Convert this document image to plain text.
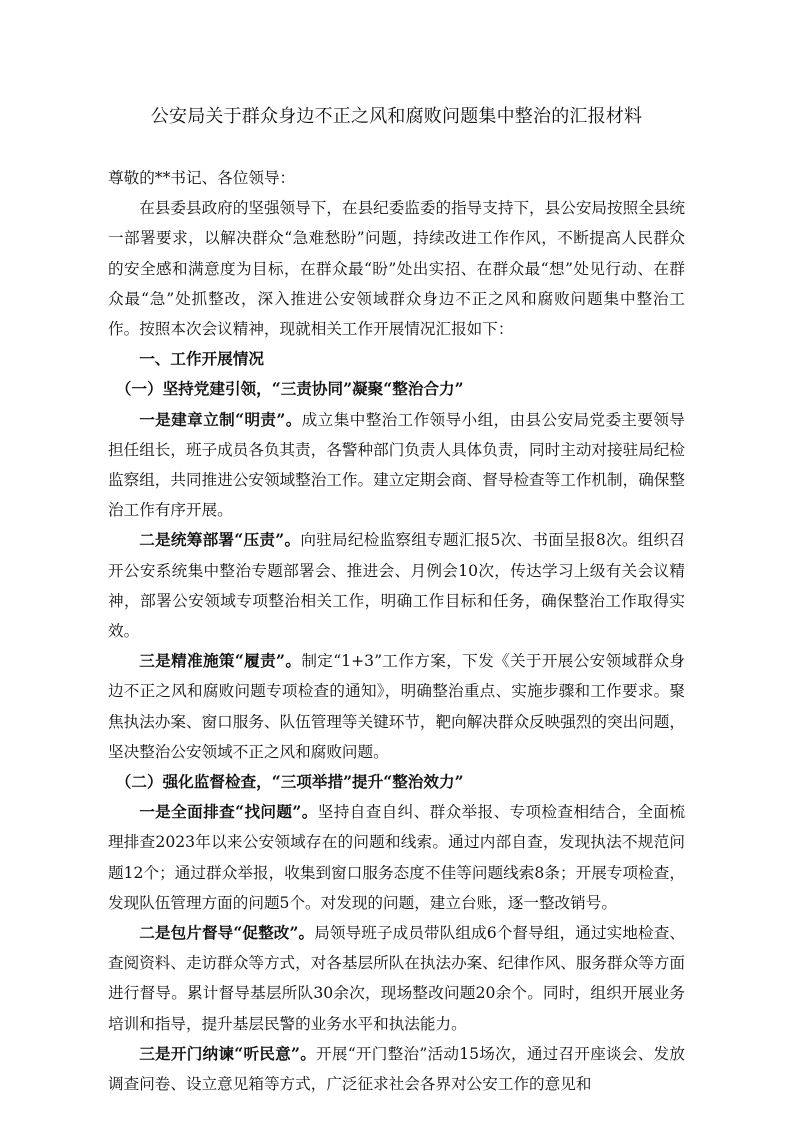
公安局关于群众身边不正之风和腐败问题集中整治的汇报材料

尊敬的**书记、各位领导：

在县委县政府的坚强领导下，在县纪委监委的指导支持下，县公安局按照全县统一部署要求，以解决群众“急难愁盼”问题，持续改进工作作风，不断提高人民群众的安全感和满意度为目标，在群众最“盼”处出实招、在群众最“想”处见行动、在群众最“急”处抓整改，深入推进公安领域群众身边不正之风和腐败问题集中整治工作。按照本次会议精神，现就相关工作开展情况汇报如下：

一、工作开展情况

（一）坚持党建引领，“三责协同”凝聚“整治合力”

一是建章立制“明责”。成立集中整治工作领导小组，由县公安局党委主要领导担任组长，班子成员各负其责，各警种部门负责人具体负责，同时主动对接驻局纪检监察组，共同推进公安领域整治工作。建立定期会商、督导检查等工作机制，确保整治工作有序开展。

二是统筹部署“压责”。向驻局纪检监察组专题汇报5次、书面呈报8次。组织召开公安系统集中整治专题部署会、推进会、月例会10次，传达学习上级有关会议精神，部署公安领域专项整治相关工作，明确工作目标和任务，确保整治工作取得实效。

三是精准施策“履责”。制定“1+3”工作方案，下发《关于开展公安领域群众身边不正之风和腐败问题专项检查的通知》，明确整治重点、实施步骤和工作要求。聚焦执法办案、窗口服务、队伍管理等关键环节，靶向解决群众反映强烈的突出问题，坚决整治公安领域不正之风和腐败问题。

（二）强化监督检查，“三项举措”提升“整治效力”

一是全面排查“找问题”。坚持自查自纠、群众举报、专项检查相结合，全面梳理排查2023年以来公安领域存在的问题和线索。通过内部自查，发现执法不规范问题12个；通过群众举报，收集到窗口服务态度不佳等问题线索8条；开展专项检查，发现队伍管理方面的问题5个。对发现的问题，建立台账，逐一整改销号。

二是包片督导“促整改”。局领导班子成员带队组成6个督导组，通过实地检查、查阅资料、走访群众等方式，对各基层所队在执法办案、纪律作风、服务群众等方面进行督导。累计督导基层所队30余次，现场整改问题20余个。同时，组织开展业务培训和指导，提升基层民警的业务水平和执法能力。

三是开门纳谏“听民意”。开展“开门整治”活动15场次，通过召开座谈会、发放调查问卷、设立意见箱等方式，广泛征求社会各界对公安工作的意见和
